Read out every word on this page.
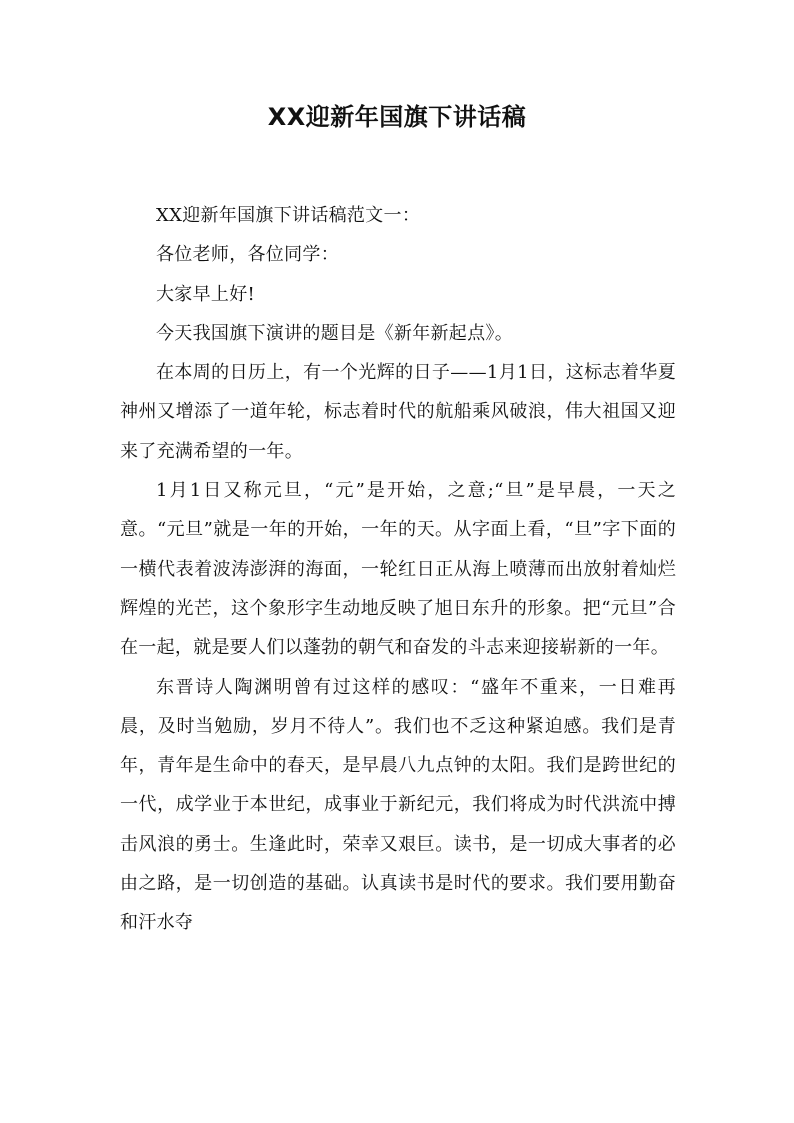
XX迎新年国旗下讲话稿

XX迎新年国旗下讲话稿范文一：

各位老师，各位同学：

大家早上好!

今天我国旗下演讲的题目是《新年新起点》。

在本周的日历上，有一个光辉的日子——1月1日，这标志着华夏神州又增添了一道年轮，标志着时代的航船乘风破浪，伟大祖国又迎来了充满希望的一年。

1月1日又称元旦，“元”是开始，之意;“旦”是早晨，一天之意。“元旦”就是一年的开始，一年的天。从字面上看，“旦”字下面的一横代表着波涛澎湃的海面，一轮红日正从海上喷薄而出放射着灿烂辉煌的光芒，这个象形字生动地反映了旭日东升的形象。把“元旦”合在一起，就是要人们以蓬勃的朝气和奋发的斗志来迎接崭新的一年。

东晋诗人陶渊明曾有过这样的感叹：“盛年不重来，一日难再晨，及时当勉励，岁月不待人”。我们也不乏这种紧迫感。我们是青年，青年是生命中的春天，是早晨八九点钟的太阳。我们是跨世纪的一代，成学业于本世纪，成事业于新纪元，我们将成为时代洪流中搏击风浪的勇士。生逢此时，荣幸又艰巨。读书，是一切成大事者的必由之路，是一切创造的基础。认真读书是时代的要求。我们要用勤奋和汗水夺
